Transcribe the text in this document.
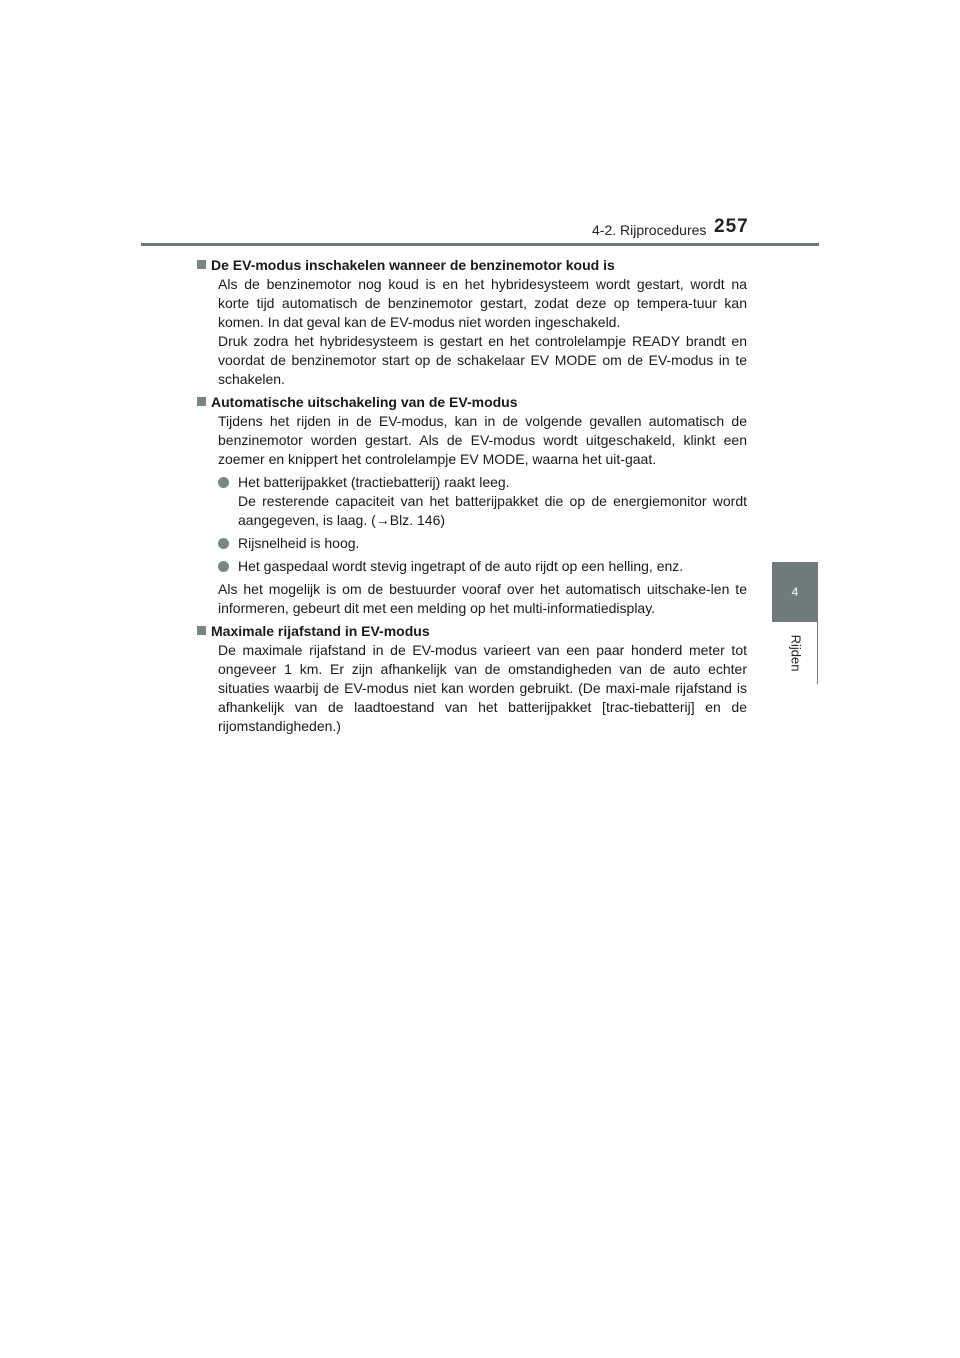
4-2. Rijprocedures 257
4
Rijden
De EV-modus inschakelen wanneer de benzinemotor koud is
Als de benzinemotor nog koud is en het hybridesysteem wordt gestart, wordt na korte tijd automatisch de benzinemotor gestart, zodat deze op tempera-tuur kan komen. In dat geval kan de EV-modus niet worden ingeschakeld.
Druk zodra het hybridesysteem is gestart en het controlelampje READY brandt en voordat de benzinemotor start op de schakelaar EV MODE om de EV-modus in te schakelen.
Automatische uitschakeling van de EV-modus
Tijdens het rijden in de EV-modus, kan in de volgende gevallen automatisch de benzinemotor worden gestart. Als de EV-modus wordt uitgeschakeld, klinkt een zoemer en knippert het controlelampje EV MODE, waarna het uit-gaat.
Het batterijpakket (tractiebatterij) raakt leeg.
De resterende capaciteit van het batterijpakket die op de energiemonitor wordt aangegeven, is laag. (→Blz. 146)
Rijsnelheid is hoog.
Het gaspedaal wordt stevig ingetrapt of de auto rijdt op een helling, enz.
Als het mogelijk is om de bestuurder vooraf over het automatisch uitschake-len te informeren, gebeurt dit met een melding op het multi-informatiedisplay.
Maximale rijafstand in EV-modus
De maximale rijafstand in de EV-modus varieert van een paar honderd meter tot ongeveer 1 km. Er zijn afhankelijk van de omstandigheden van de auto echter situaties waarbij de EV-modus niet kan worden gebruikt. (De maxi-male rijafstand is afhankelijk van de laadtoestand van het batterijpakket [trac-tiebatterij] en de rijomstandigheden.)
